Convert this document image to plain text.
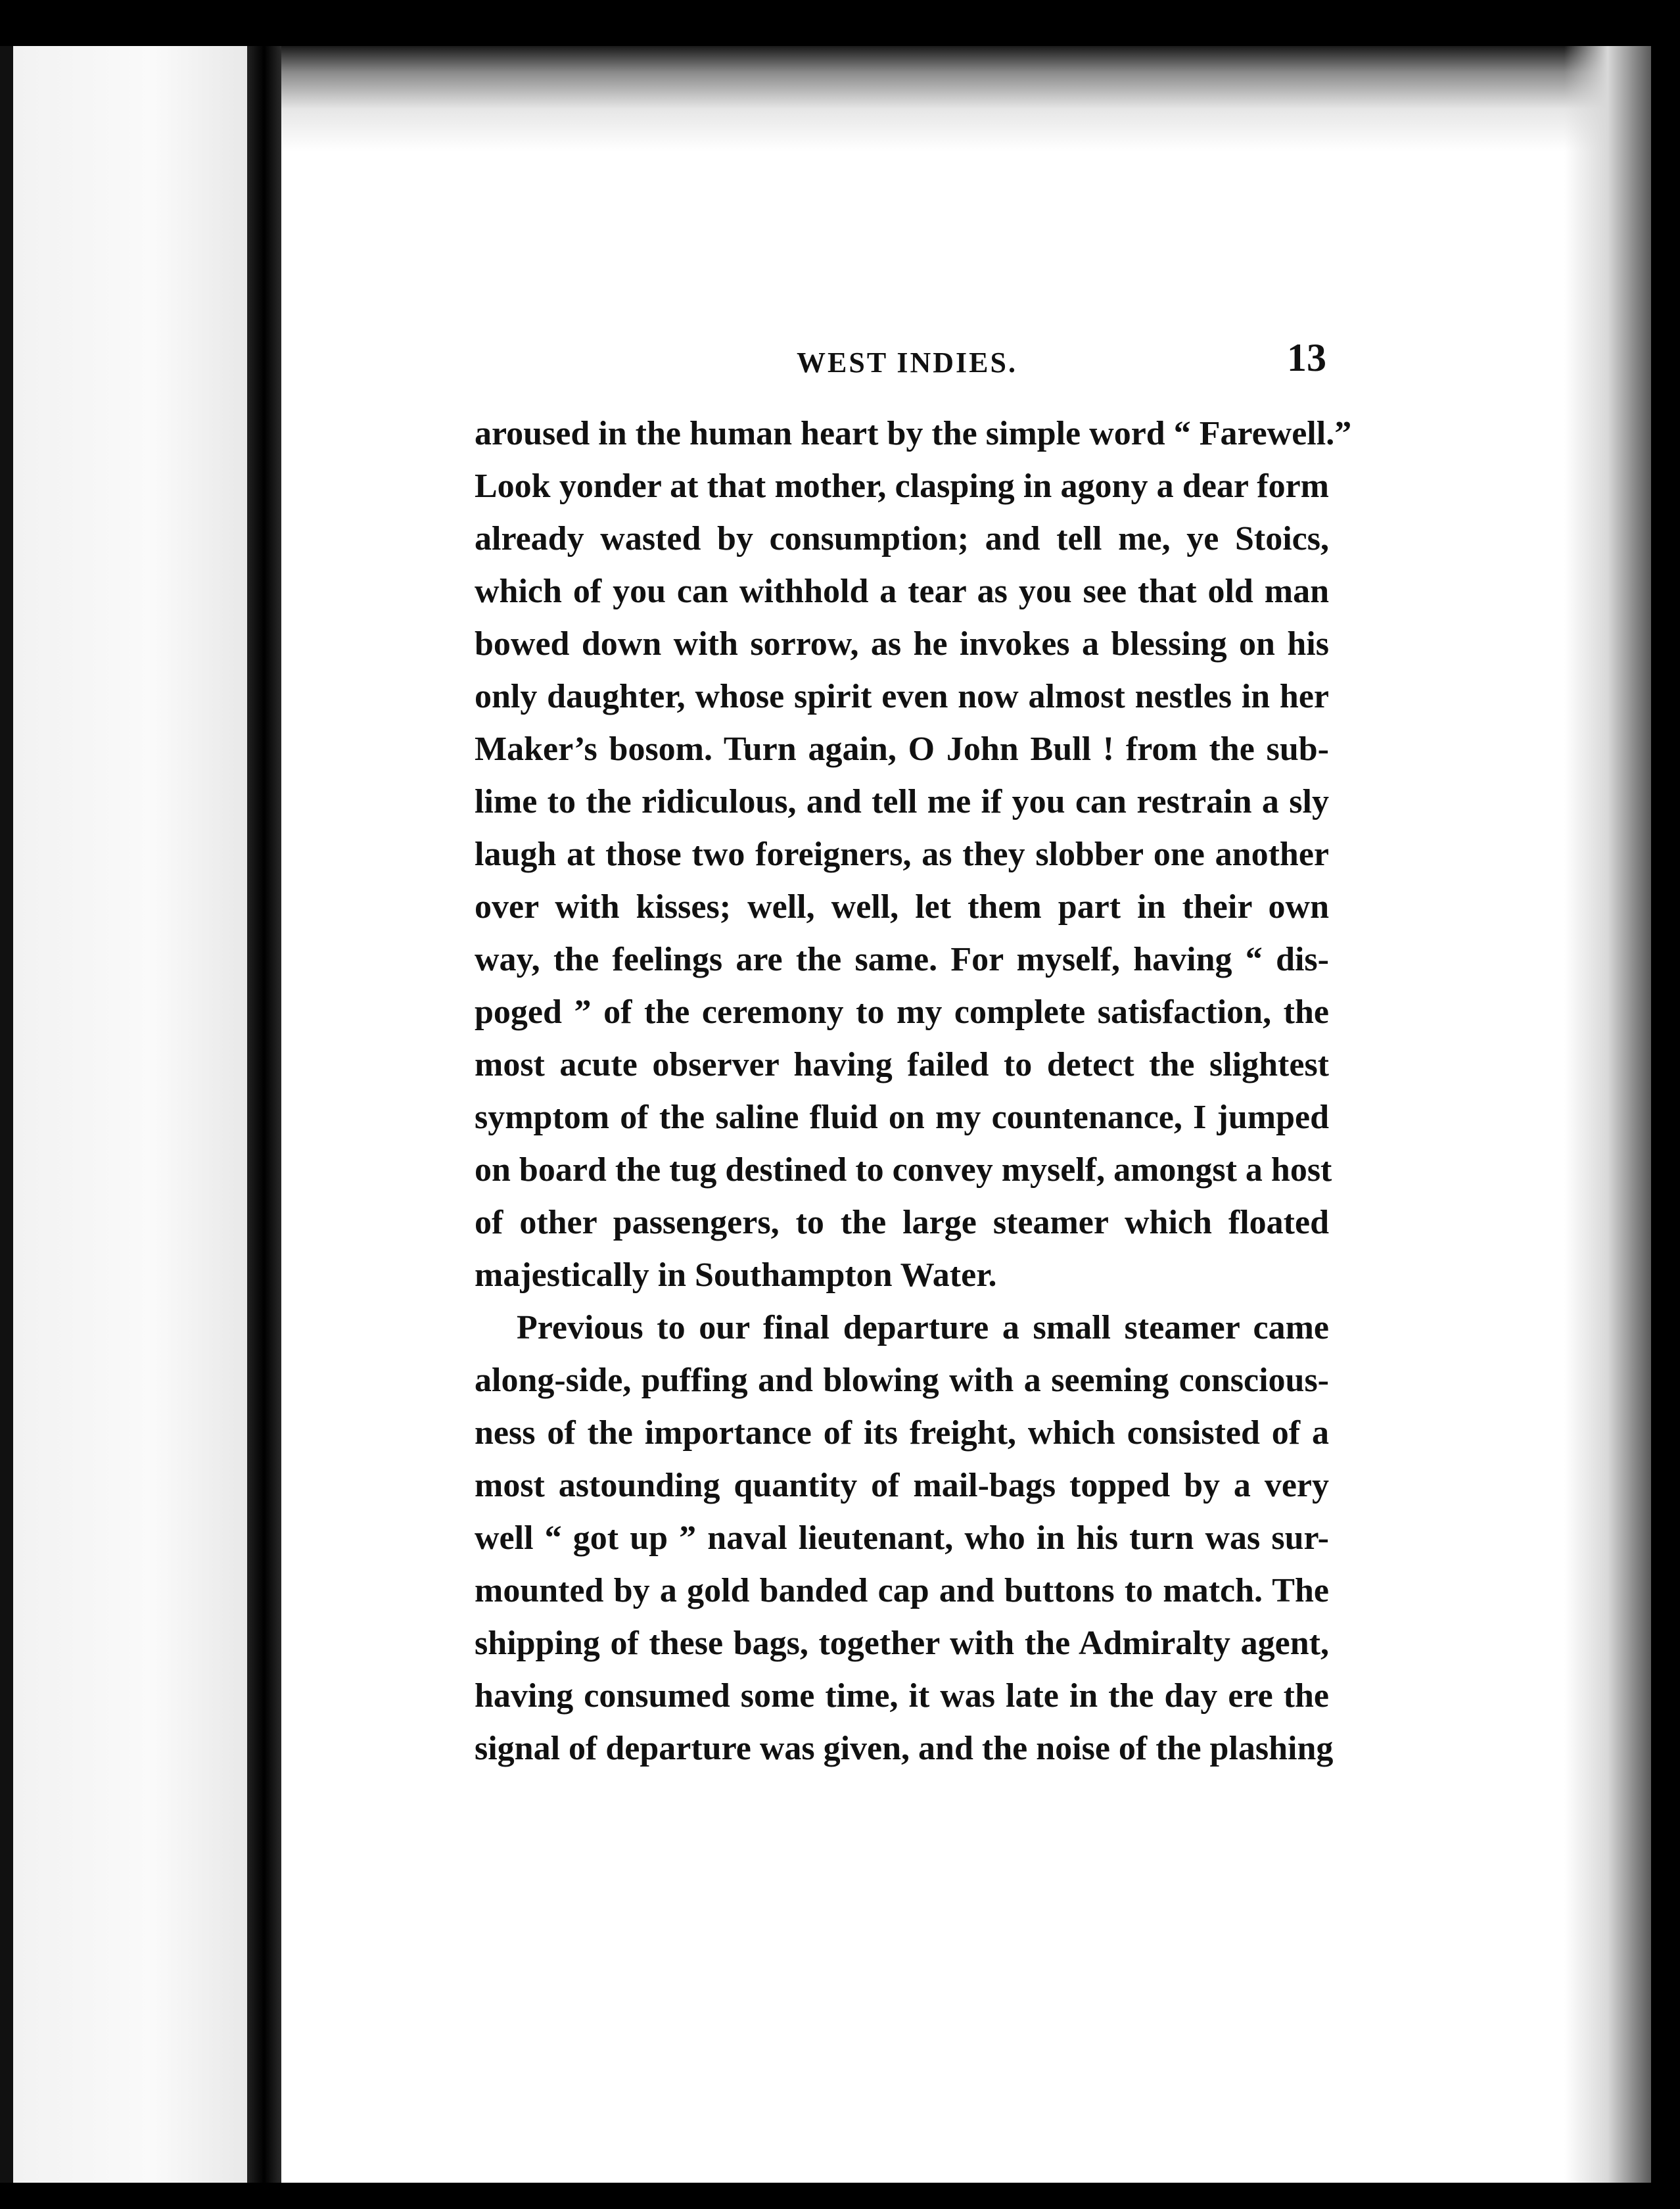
WEST INDIES.	13
aroused in the human heart by the simple word “ Farewell.”
Look yonder at that mother, clasping in agony a dear form
already wasted by consumption; and tell me, ye Stoics,
which of you can withhold a tear as you see that old man
bowed down with sorrow, as he invokes a blessing on his
only daughter, whose spirit even now almost nestles in her
Maker’s bosom. Turn again, O John Bull ! from the sub-
lime to the ridiculous, and tell me if you can restrain a sly
laugh at those two foreigners, as they slobber one another
over with kisses; well, well, let them part in their own
way, the feelings are the same. For myself, having “ dis-
poged ” of the ceremony to my complete satisfaction, the
most acute observer having failed to detect the slightest
symptom of the saline fluid on my countenance, I jumped
on board the tug destined to convey myself, amongst a host
of other passengers, to the large steamer which floated
majestically in Southampton Water.
Previous to our final departure a small steamer came
along-side, puffing and blowing with a seeming conscious-
ness of the importance of its freight, which consisted of a
most astounding quantity of mail-bags topped by a very
well “ got up ” naval lieutenant, who in his turn was sur-
mounted by a gold banded cap and buttons to match. The
shipping of these bags, together with the Admiralty agent,
having consumed some time, it was late in the day ere the
signal of departure was given, and the noise of the plashing
